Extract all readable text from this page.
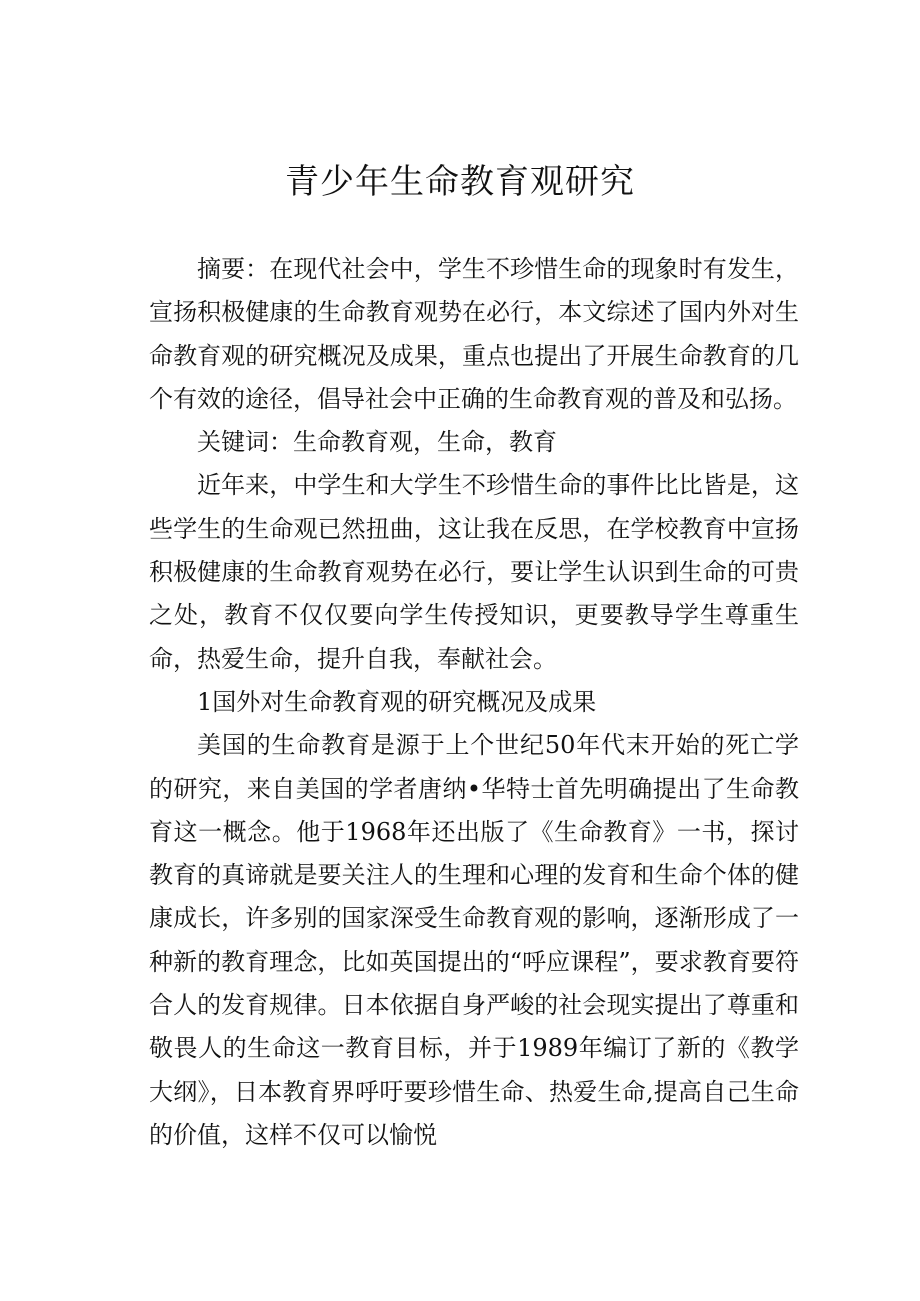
青少年生命教育观研究

摘要：在现代社会中，学生不珍惜生命的现象时有发生，宣扬积极健康的生命教育观势在必行，本文综述了国内外对生命教育观的研究概况及成果，重点也提出了开展生命教育的几个有效的途径，倡导社会中正确的生命教育观的普及和弘扬。

关键词：生命教育观，生命，教育

近年来，中学生和大学生不珍惜生命的事件比比皆是，这些学生的生命观已然扭曲，这让我在反思，在学校教育中宣扬积极健康的生命教育观势在必行，要让学生认识到生命的可贵之处，教育不仅仅要向学生传授知识，更要教导学生尊重生命，热爱生命，提升自我，奉献社会。

1国外对生命教育观的研究概况及成果

美国的生命教育是源于上个世纪50年代末开始的死亡学的研究，来自美国的学者唐纳•华特士首先明确提出了生命教育这一概念。他于1968年还出版了《生命教育》一书，探讨教育的真谛就是要关注人的生理和心理的发育和生命个体的健康成长，许多别的国家深受生命教育观的影响，逐渐形成了一种新的教育理念，比如英国提出的“呼应课程”，要求教育要符合人的发育规律。日本依据自身严峻的社会现实提出了尊重和敬畏人的生命这一教育目标，并于1989年编订了新的《教学大纲》，日本教育界呼吁要珍惜生命、热爱生命,提高自己生命的价值，这样不仅可以愉悦
